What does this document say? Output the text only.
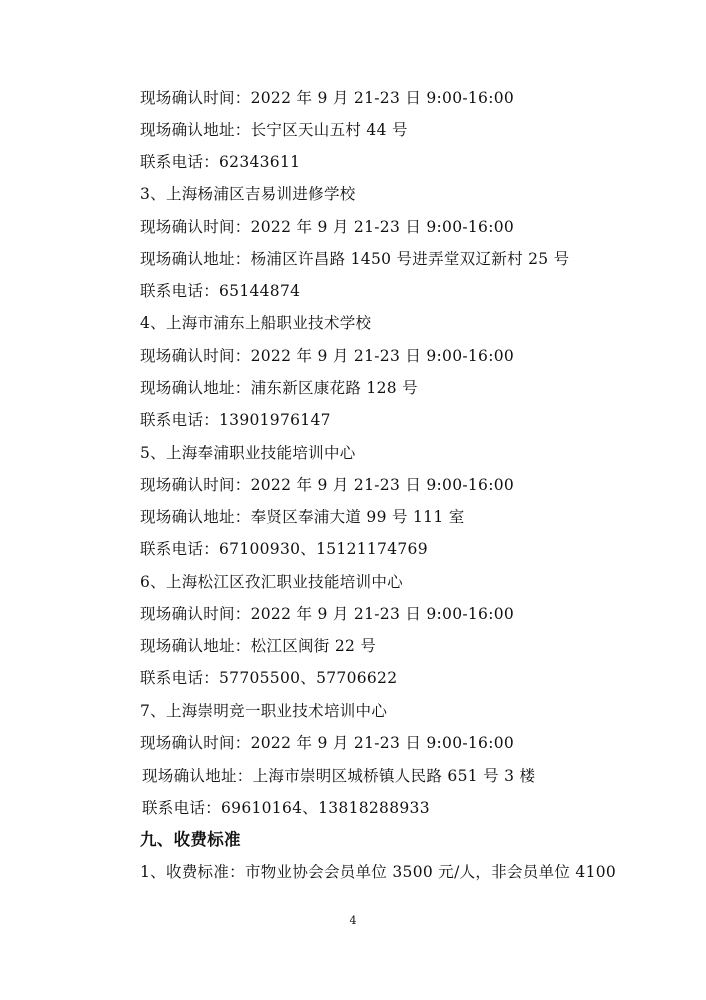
现场确认时间：2022 年 9 月 21-23 日 9:00-16:00
现场确认地址：长宁区天山五村 44 号
联系电话：62343611
3、上海杨浦区吉易训进修学校
现场确认时间：2022 年 9 月 21-23 日 9:00-16:00
现场确认地址：杨浦区许昌路 1450 号进弄堂双辽新村 25 号
联系电话：65144874
4、上海市浦东上船职业技术学校
现场确认时间：2022 年 9 月 21-23 日 9:00-16:00
现场确认地址：浦东新区康花路 128 号
联系电话：13901976147
5、上海奉浦职业技能培训中心
现场确认时间：2022 年 9 月 21-23 日 9:00-16:00
现场确认地址：奉贤区奉浦大道 99 号 111 室
联系电话：67100930、15121174769
6、上海松江区孜汇职业技能培训中心
现场确认时间：2022 年 9 月 21-23 日 9:00-16:00
现场确认地址：松江区闽街 22 号
联系电话：57705500、57706622
7、上海崇明竞一职业技术培训中心
现场确认时间：2022 年 9 月 21-23 日 9:00-16:00
现场确认地址：上海市崇明区城桥镇人民路 651 号 3 楼
联系电话：69610164、13818288933
九、收费标准
1、收费标准：市物业协会会员单位 3500 元/人，非会员单位 4100
4
